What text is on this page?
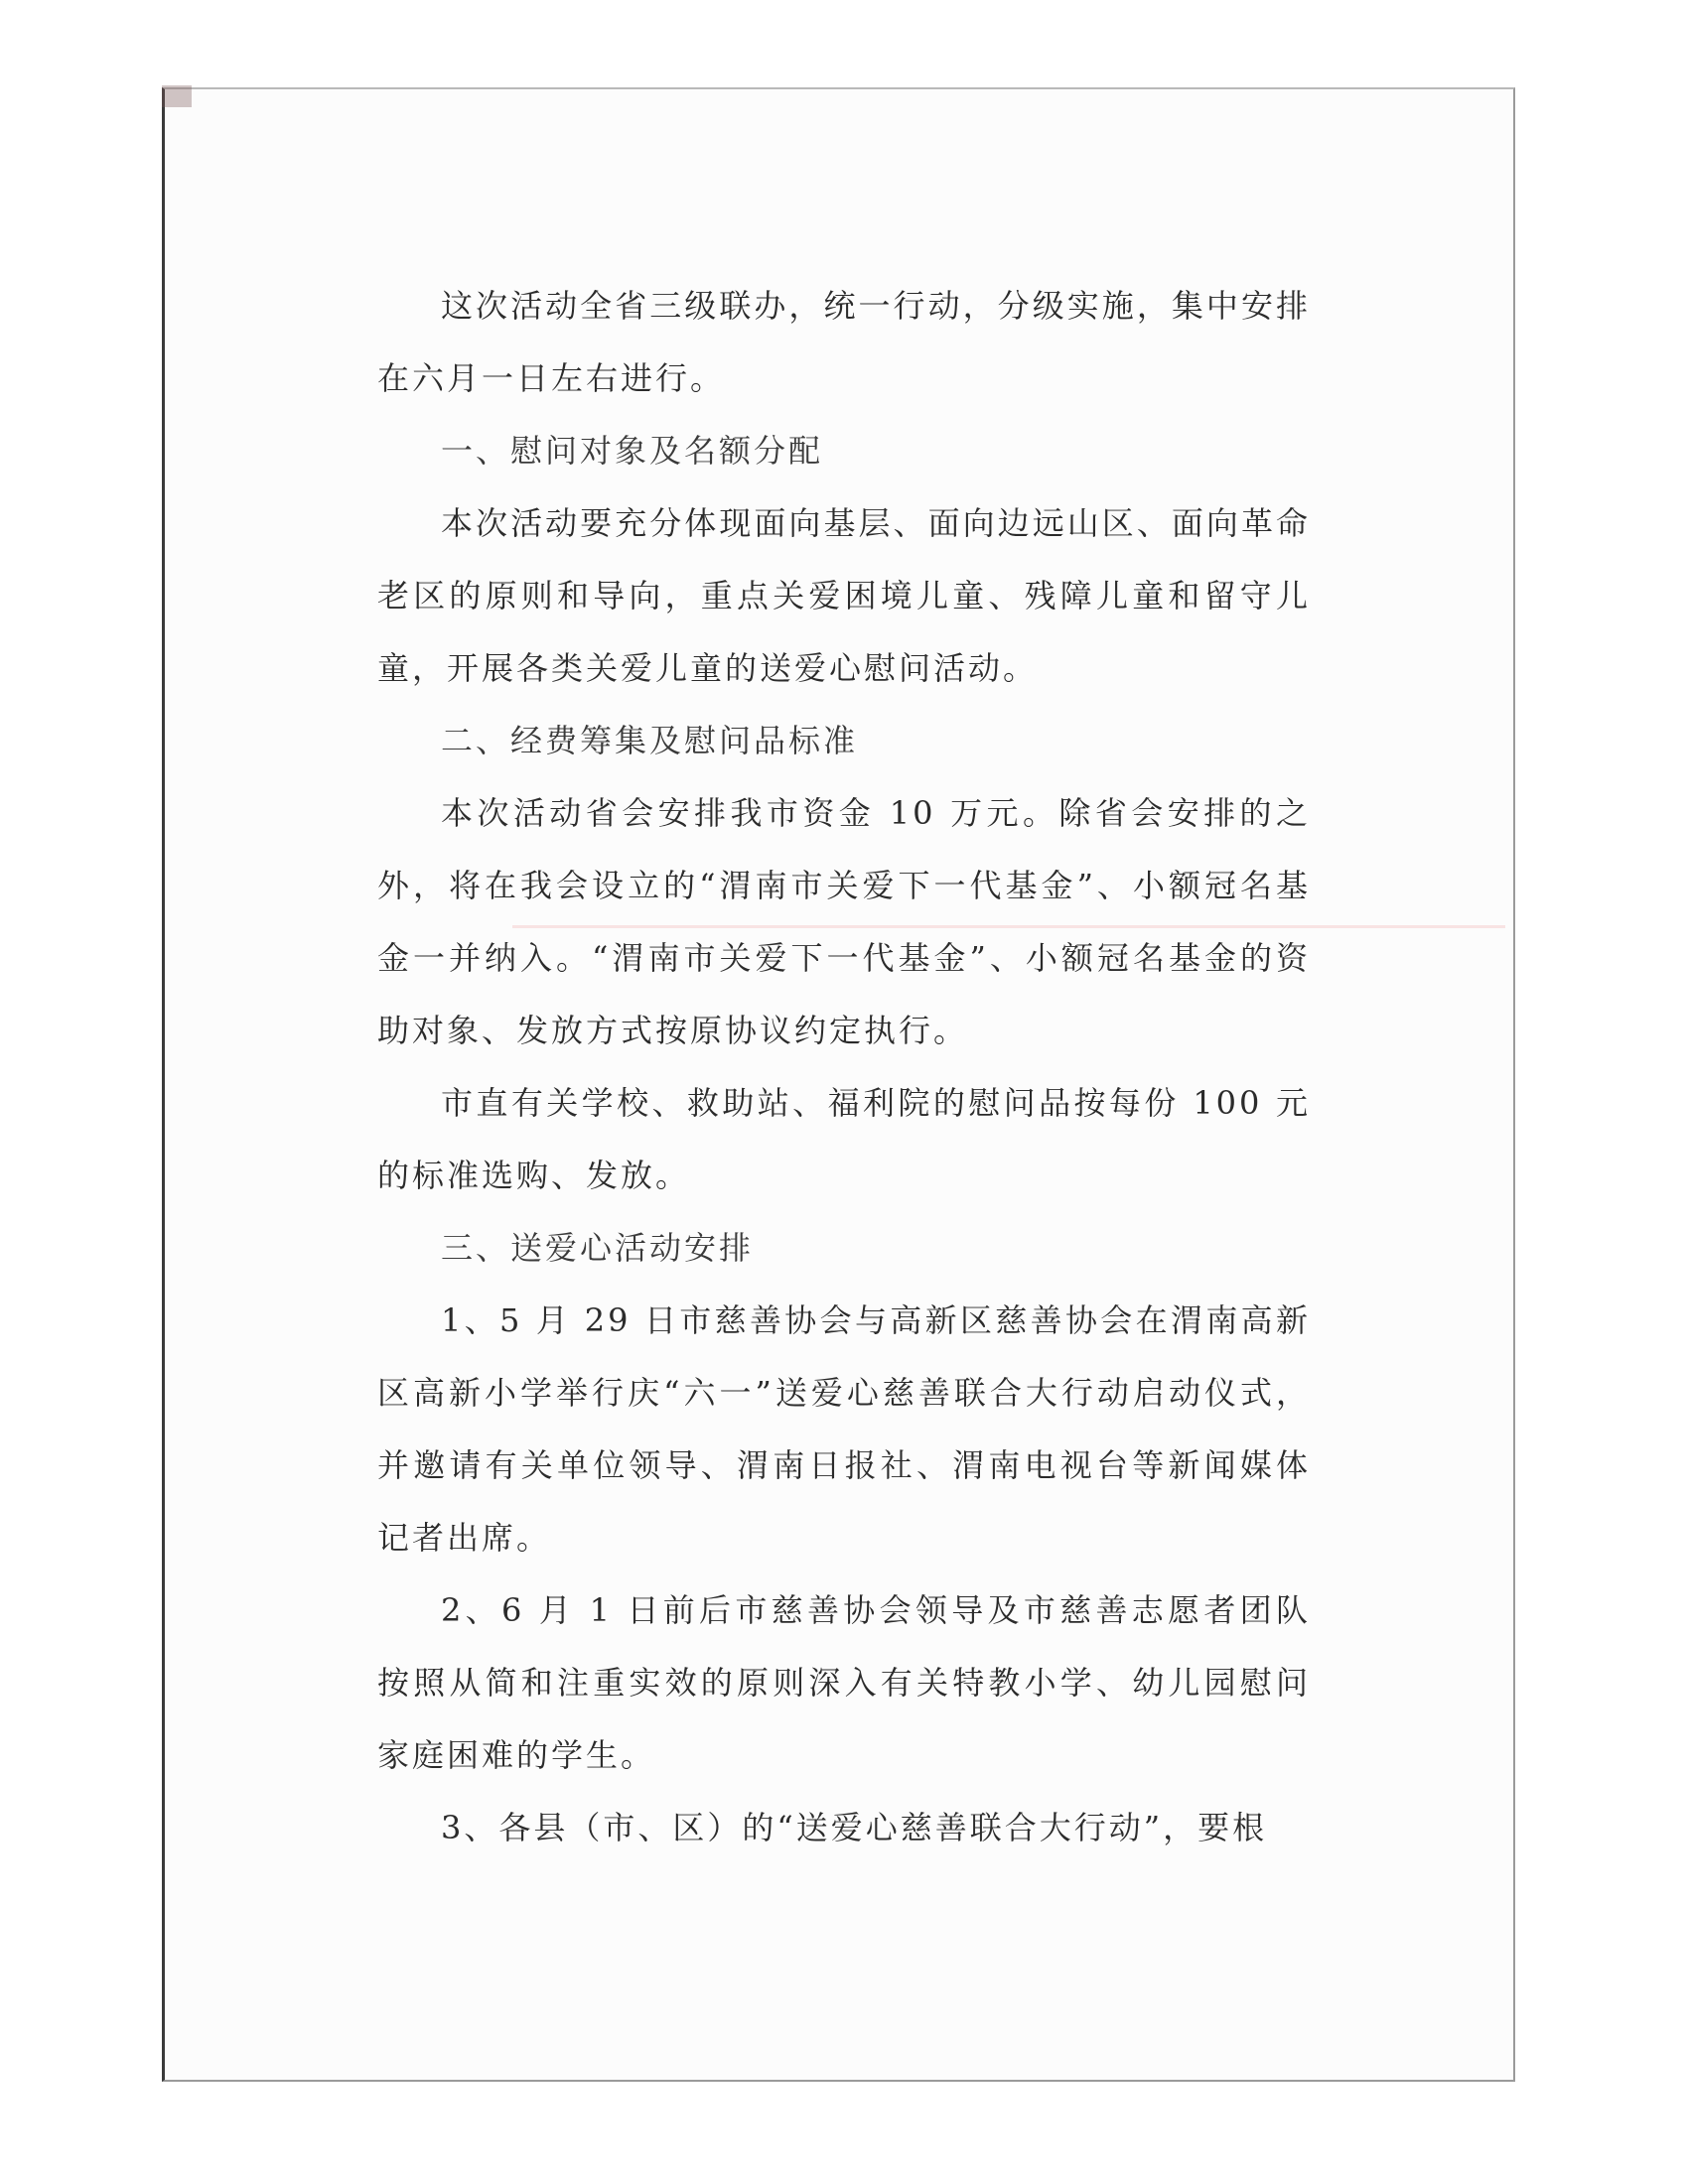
这次活动全省三级联办，统一行动，分级实施，集中安排在六月一日左右进行。

一、慰问对象及名额分配

本次活动要充分体现面向基层、面向边远山区、面向革命老区的原则和导向，重点关爱困境儿童、残障儿童和留守儿童，开展各类关爱儿童的送爱心慰问活动。

二、经费筹集及慰问品标准

本次活动省会安排我市资金 10 万元。除省会安排的之外，将在我会设立的“渭南市关爱下一代基金”、小额冠名基金一并纳入。“渭南市关爱下一代基金”、小额冠名基金的资助对象、发放方式按原协议约定执行。

市直有关学校、救助站、福利院的慰问品按每份 100 元的标准选购、发放。

三、送爱心活动安排

1、5 月 29 日市慈善协会与高新区慈善协会在渭南高新区高新小学举行庆“六一”送爱心慈善联合大行动启动仪式，并邀请有关单位领导、渭南日报社、渭南电视台等新闻媒体记者出席。

2、6 月 1 日前后市慈善协会领导及市慈善志愿者团队按照从简和注重实效的原则深入有关特教小学、幼儿园慰问家庭困难的学生。

3、各县（市、区）的“送爱心慈善联合大行动”，要根
